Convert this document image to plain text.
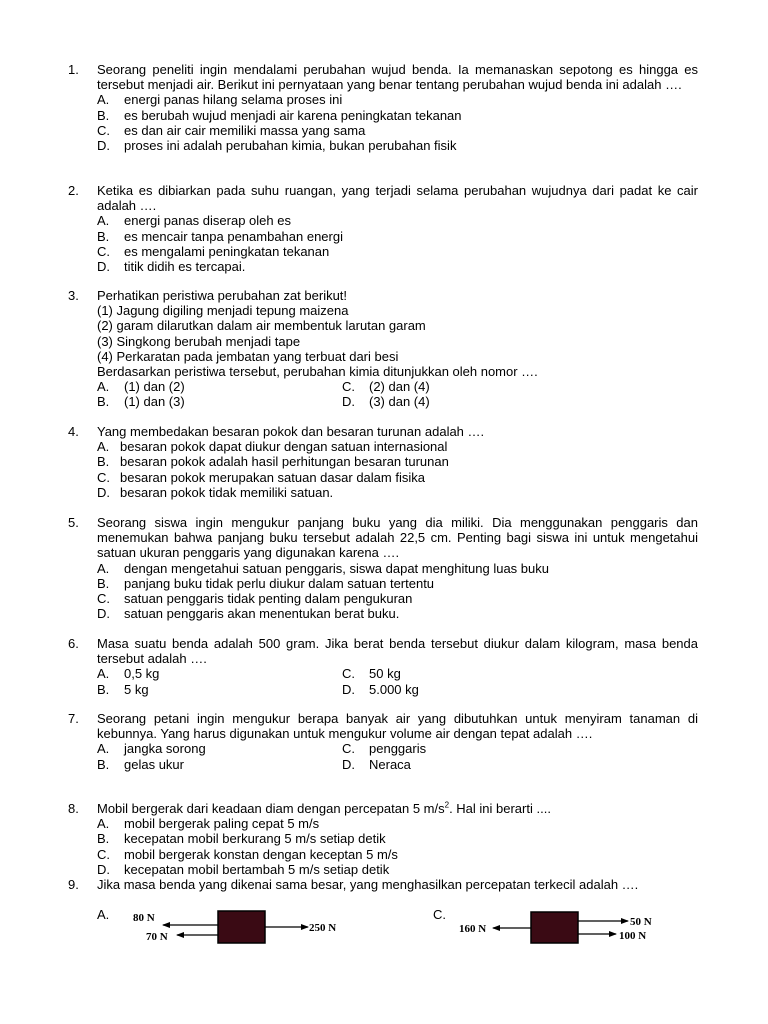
1.	Seorang peneliti ingin mendalami perubahan wujud benda. Ia memanaskan sepotong es hingga es tersebut menjadi air. Berikut ini pernyataan yang benar tentang perubahan wujud benda ini adalah ….
A. energi panas hilang selama proses ini
B. es berubah wujud menjadi air karena peningkatan tekanan
C. es dan air cair memiliki massa yang sama
D. proses ini adalah perubahan kimia, bukan perubahan fisik
2.	Ketika es dibiarkan pada suhu ruangan, yang terjadi selama perubahan wujudnya dari padat ke cair adalah ….
A. energi panas diserap oleh es
B. es mencair tanpa penambahan energi
C. es mengalami peningkatan tekanan
D. titik didih es tercapai.
3.	Perhatikan peristiwa perubahan zat berikut!
(1) Jagung digiling menjadi tepung maizena
(2) garam dilarutkan dalam air membentuk larutan garam
(3) Singkong berubah menjadi tape
(4) Perkaratan pada jembatan yang terbuat dari besi
Berdasarkan peristiwa tersebut, perubahan kimia ditunjukkan oleh nomor ….
A. (1) dan (2)	C. (2) dan (4)
B. (1) dan (3)	D. (3) dan (4)
4.	Yang membedakan besaran pokok dan besaran turunan adalah ….
A. besaran pokok dapat diukur dengan satuan internasional
B. besaran pokok adalah hasil perhitungan besaran turunan
C. besaran pokok merupakan satuan dasar dalam fisika
D. besaran pokok tidak memiliki satuan.
5.	Seorang siswa ingin mengukur panjang buku yang dia miliki. Dia menggunakan penggaris dan menemukan bahwa panjang buku tersebut adalah 22,5 cm. Penting bagi siswa ini untuk mengetahui satuan ukuran penggaris yang digunakan karena ….
A. dengan mengetahui satuan penggaris, siswa dapat menghitung luas buku
B. panjang buku tidak perlu diukur dalam satuan tertentu
C. satuan penggaris tidak penting dalam pengukuran
D. satuan penggaris akan menentukan berat buku.
6.	Masa suatu benda adalah 500 gram. Jika berat benda tersebut diukur dalam kilogram, masa benda tersebut adalah ….
A. 0,5 kg	C. 50 kg
B. 5 kg	D. 5.000 kg
7.	Seorang petani ingin mengukur berapa banyak air yang dibutuhkan untuk menyiram tanaman di kebunnya. Yang harus digunakan untuk mengukur volume air dengan tepat adalah ….
A. jangka sorong	C. penggaris
B. gelas ukur	D. Neraca
8.	Mobil bergerak dari keadaan diam dengan percepatan 5 $m/s^2$. Hal ini berarti ....
A. mobil bergerak paling cepat 5 m/s
B. kecepatan mobil berkurang 5 m/s setiap detik
C. mobil bergerak konstan dengan keceptan 5 m/s
D. kecepatan mobil bertambah 5 m/s setiap detik
9.	Jika masa benda yang dikenai sama besar, yang menghasilkan percepatan terkecil adalah ….
A. 80 N
70 N
250 N
C.
160 N
50 N
100 N
